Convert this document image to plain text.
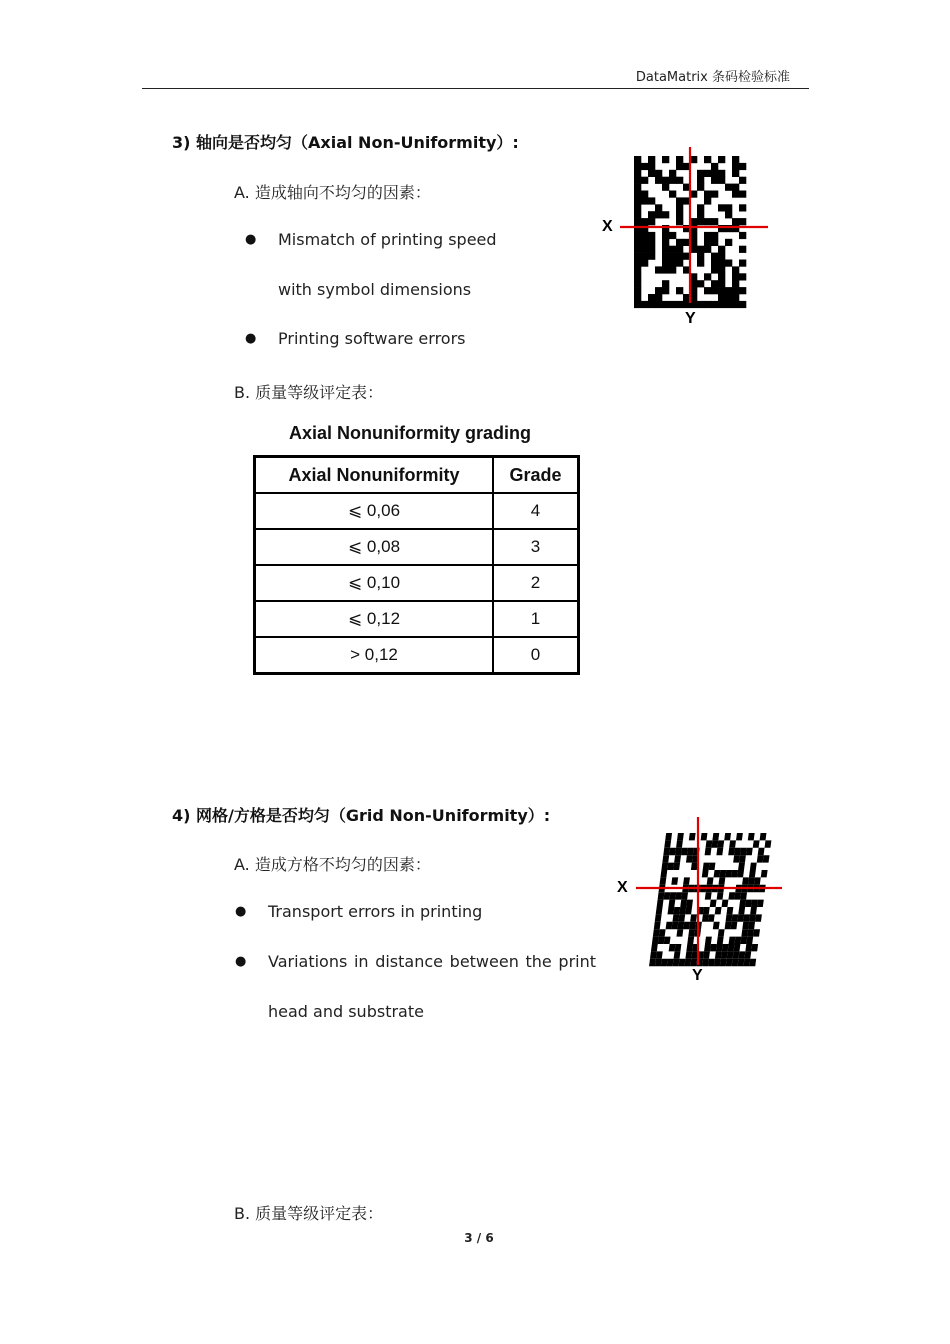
DataMatrix 条码检验标准
3) 轴向是否均匀（Axial Non-Uniformity）:
A. 造成轴向不均匀的因素：
● Mismatch of printing speed
with symbol dimensions
● Printing software errors
B. 质量等级评定表：
Axial Nonuniformity grading
Axial Nonuniformity	Grade
⩽ 0,06	4
⩽ 0,08	3
⩽ 0,10	2
⩽ 0,12	1
> 0,12	0
X
Y
4) 网格/方格是否均匀（Grid Non-Uniformity）:
A. 造成方格不均匀的因素：
● Transport errors in printing
● Variations in distance between the print
head and substrate
B. 质量等级评定表：
X
Y
3 / 6
